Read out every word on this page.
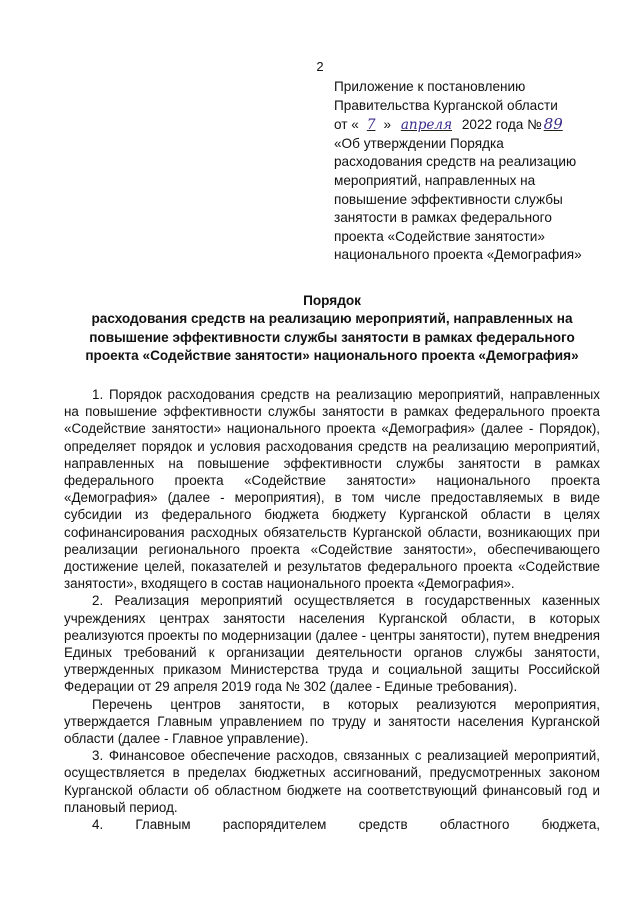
2
Приложение к постановлению
Правительства Курганской области
от « 7 » апреля 2022 года № 89
«Об утверждении Порядка
расходования средств на реализацию
мероприятий, направленных на
повышение эффективности службы
занятости в рамках федерального
проекта «Содействие занятости»
национального проекта «Демография»
Порядок
расходования средств на реализацию мероприятий, направленных на повышение эффективности службы занятости в рамках федерального проекта «Содействие занятости» национального проекта «Демография»

1. Порядок расходования средств на реализацию мероприятий, направленных на повышение эффективности службы занятости в рамках федерального проекта «Содействие занятости» национального проекта «Демография» (далее - Порядок), определяет порядок и условия расходования средств на реализацию мероприятий, направленных на повышение эффективности службы занятости в рамках федерального проекта «Содействие занятости» национального проекта «Демография» (далее - мероприятия), в том числе предоставляемых в виде субсидии из федерального бюджета бюджету Курганской области в целях софинансирования расходных обязательств Курганской области, возникающих при реализации регионального проекта «Содействие занятости», обеспечивающего достижение целей, показателей и результатов федерального проекта «Содействие занятости», входящего в состав национального проекта «Демография».

2. Реализация мероприятий осуществляется в государственных казенных учреждениях центрах занятости населения Курганской области, в которых реализуются проекты по модернизации (далее - центры занятости), путем внедрения Единых требований к организации деятельности органов службы занятости, утвержденных приказом Министерства труда и социальной защиты Российской Федерации от 29 апреля 2019 года № 302 (далее - Единые требования).

Перечень центров занятости, в которых реализуются мероприятия, утверждается Главным управлением по труду и занятости населения Курганской области (далее - Главное управление).

3. Финансовое обеспечение расходов, связанных с реализацией мероприятий, осуществляется в пределах бюджетных ассигнований, предусмотренных законом Курганской области об областном бюджете на соответствующий финансовый год и плановый период.

4. Главным распорядителем средств областного бюджета,
